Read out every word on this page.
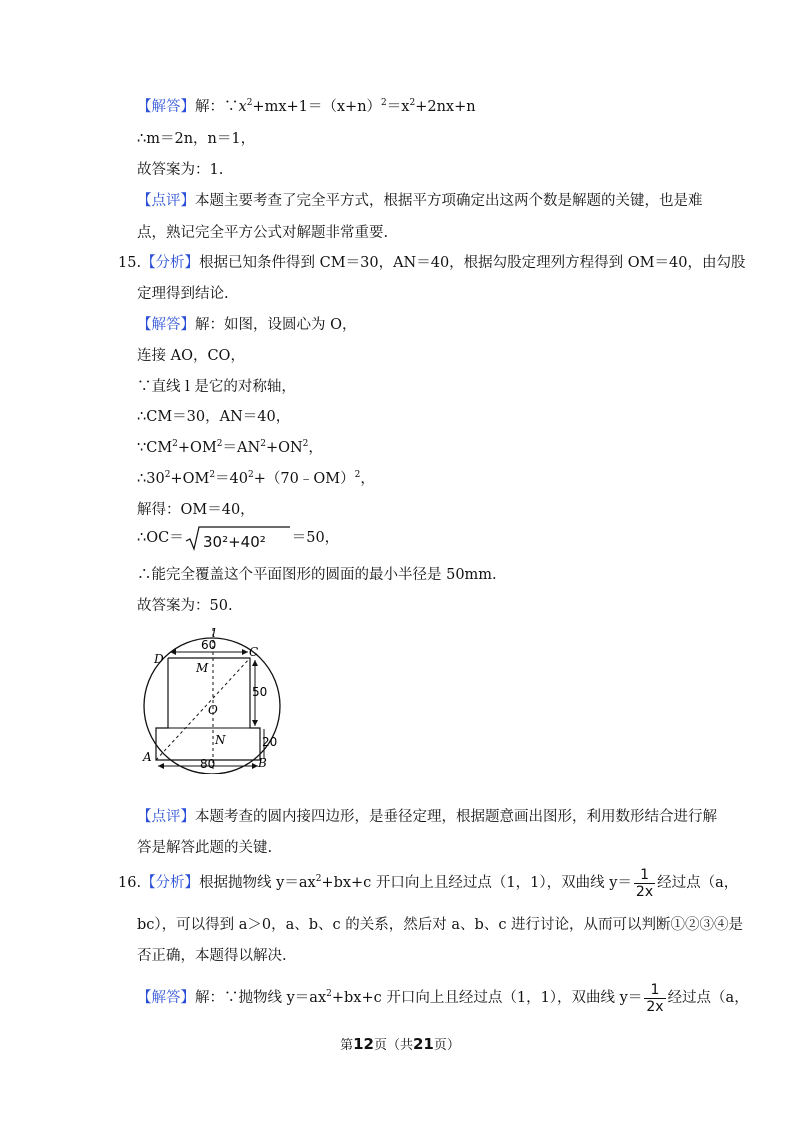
【解答】解：$\because x^2+mx+1=(x+n)^2=x^2+2nx+n$
∴m＝2n，n＝1，
故答案为：1.
【点评】本题主要考查了完全平方式，根据平方项确定出这两个数是解题的关键，也是难
点，熟记完全平方公式对解题非常重要.
15.【分析】根据已知条件得到 CM＝30，AN＝40，根据勾股定理列方程得到 OM＝40，由勾股
定理得到结论.
【解答】解：如图，设圆心为 O，
连接 AO，CO，
∵直线 l 是它的对称轴，
∴CM＝30，AN＝40，
$\because CM^2+OM^2=AN^2+ON^2$，
$\therefore 30^2+OM^2=40^2+(70﹣OM)^2$，
解得：OM＝40，
∴OC＝ 30²+40² ＝50，
∴能完全覆盖这个平面图形的圆面的最小半径是 50mm.
故答案为：50.
l
D	C
M
O
N
A	B
60
50
20
80
【点评】本题考查的圆内接四边形，是垂径定理，根据题意画出图形，利用数形结合进行解
答是解答此题的关键.
16.【分析】根据抛物线 $y=ax^2+bx+c$ 开口向上且经过点（1，1），双曲线 $y= \frac{1}{2x}$ 经过点（a，
bc），可以得到 a＞0，a、b、c 的关系，然后对 a、b、c 进行讨论，从而可以判断①②③④是
否正确，本题得以解决.
【解答】解：∵抛物线 $y=ax^2+bx+c$ 开口向上且经过点（1，1），双曲线 $y= \frac{1}{2x}$ 经过点（a，
第12页（共21页）
